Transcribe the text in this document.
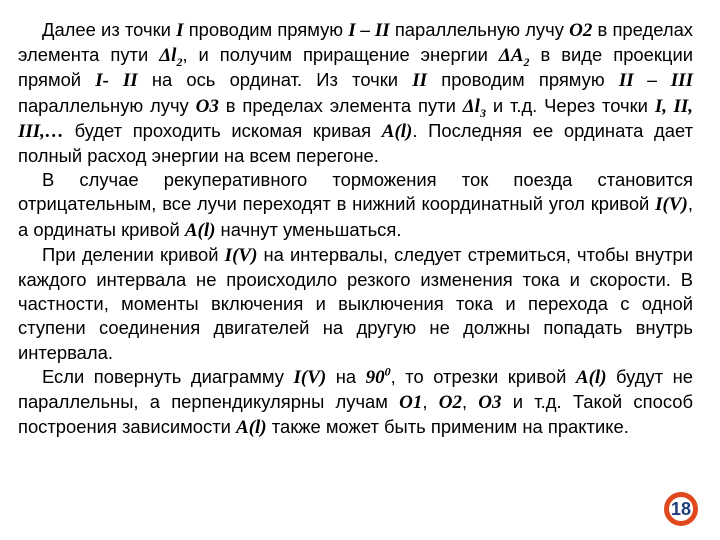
Далее из точки I проводим прямую I – II параллельную лучу O2 в пределах элемента пути $\Delta l_2$, и получим приращение энергии $\Delta A_2$ в виде проекции прямой I- II на ось ординат. Из точки II проводим прямую II – III параллельную лучу O3 в пределах элемента пути $\Delta l_3$ и т.д. Через точки I, II, III,… будет проходить искомая кривая A(l). Последняя ее ордината дает полный расход энергии на всем перегоне.

В случае рекуперативного торможения ток поезда становится отрицательным, все лучи переходят в нижний координатный угол кривой I(V), а ординаты кривой A(l) начнут уменьшаться.

При делении кривой I(V) на интервалы, следует стремиться, чтобы внутри каждого интервала не происходило резкого изменения тока и скорости. В частности, моменты включения и выключения тока и перехода с одной ступени соединения двигателей на другую не должны попадать внутрь интервала.

Если повернуть диаграмму I(V) на $90^0$, то отрезки кривой A(l) будут не параллельны, а перпендикулярны лучам O1, O2, O3 и т.д. Такой способ построения зависимости A(l) также может быть применим на практике.

18
